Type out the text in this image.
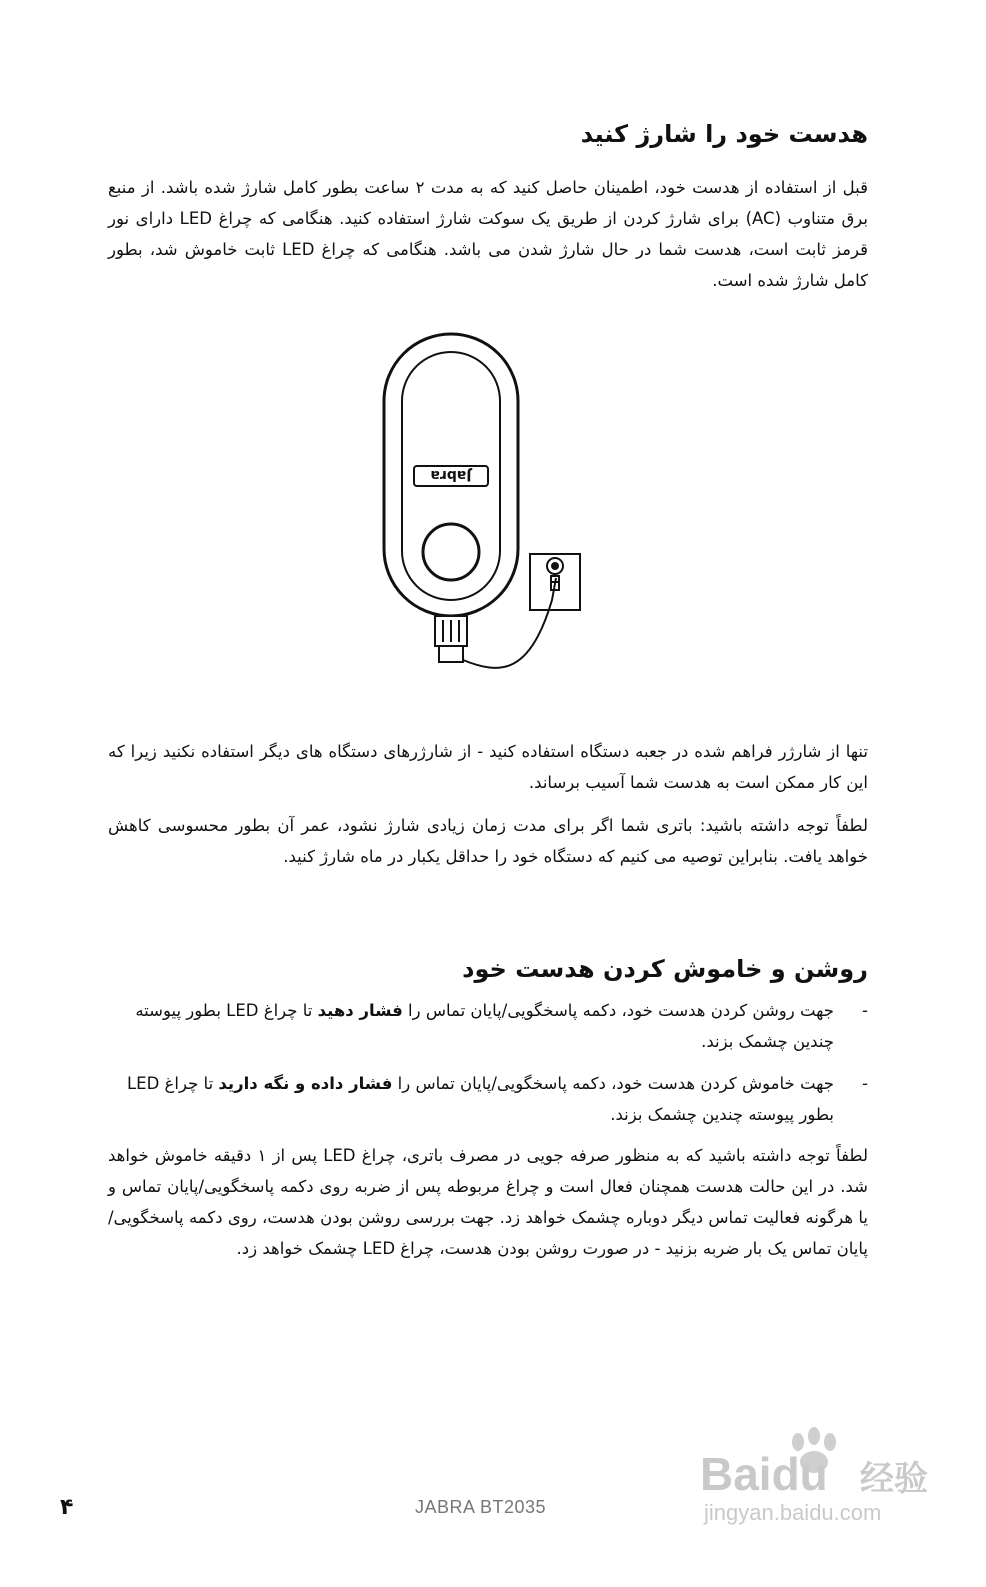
هدست خود را شارژ کنید

قبل از استفاده از هدست خود، اطمینان حاصل کنید که به مدت ۲ ساعت بطور کامل شارژ شده باشد. از منبع برق متناوب (AC) برای شارژ کردن از طریق یک سوکت شارژ استفاده کنید. هنگامی که چراغ LED دارای نور قرمز ثابت است، هدست شما در حال شارژ شدن می باشد. هنگامی که چراغ LED ثابت خاموش شد، بطور کامل شارژ شده است.

Jabra

تنها از شارژر فراهم شده در جعبه دستگاه استفاده کنید - از شارژرهای دستگاه های دیگر استفاده نکنید زیرا که این کار ممکن است به هدست شما آسیب برساند.

لطفاً توجه داشته باشید: باتری شما اگر برای مدت زمان زیادی شارژ نشود، عمر آن بطور محسوسی کاهش خواهد یافت. بنابراین توصیه می کنیم که دستگاه خود را حداقل یکبار در ماه شارژ کنید.

روشن و خاموش کردن هدست خود
-
جهت روشن کردن هدست خود، دکمه پاسخگویی/پایان تماس را فشار دهید تا چراغ LED بطور پیوسته چندین چشمک بزند.
-
جهت خاموش کردن هدست خود، دکمه پاسخگویی/پایان تماس را فشار داده و نگه دارید تا چراغ LED بطور پیوسته چندین چشمک بزند.

لطفاً توجه داشته باشید که به منظور صرفه جویی در مصرف باتری، چراغ LED پس از ۱ دقیقه خاموش خواهد شد. در این حالت هدست همچنان فعال است و چراغ مربوطه پس از ضربه روی دکمه پاسخگویی/پایان تماس و یا هرگونه فعالیت تماس دیگر دوباره چشمک خواهد زد. جهت بررسی روشن بودن هدست، روی دکمه پاسخگویی/پایان تماس یک بار ضربه بزنید - در صورت روشن بودن هدست، چراغ LED چشمک خواهد زد.

۴	JABRA BT2035
Baidu 经验
jingyan.baidu.com
